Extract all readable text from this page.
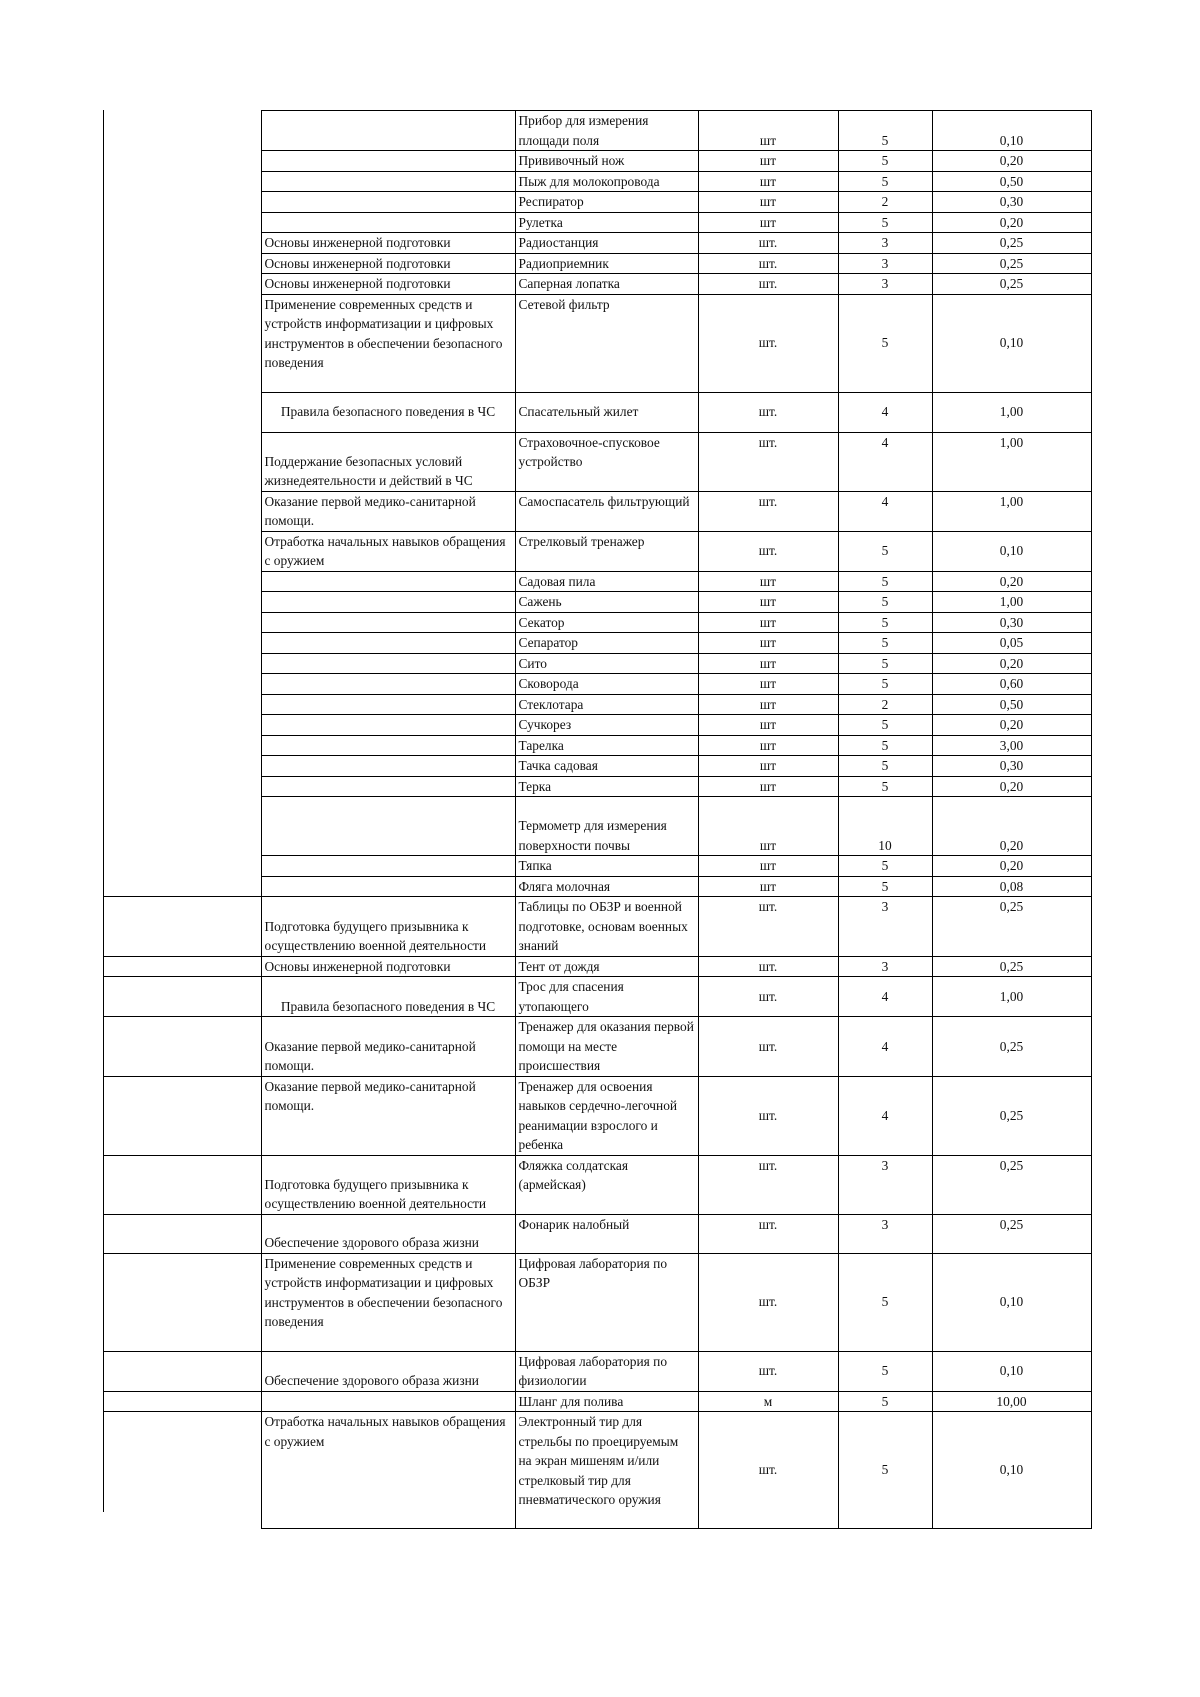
		Прибор для измерения площади поля	шт	5	0,10
		Прививочный нож	шт	5	0,20
		Пыж для молокопровода	шт	5	0,50
		Респиратор	шт	2	0,30
		Рулетка	шт	5	0,20
	Основы инженерной подготовки	Радиостанция	шт.	3	0,25
	Основы инженерной подготовки	Радиоприемник	шт.	3	0,25
	Основы инженерной подготовки	Саперная лопатка	шт.	3	0,25
	Применение современных средств и устройств информатизации и цифровых инструментов в обеспечении безопасного поведения	Сетевой фильтр	шт.	5	0,10
	Правила безопасного поведения в ЧС	Спасательный жилет	шт.	4	1,00
	Поддержание безопасных условий жизнедеятельности и действий в ЧС	Страховочное-спусковое устройство	шт.	4	1,00
	Оказание первой медико-санитарной помощи.	Самоспасатель фильтрующий	шт.	4	1,00
	Отработка начальных навыков обращения с оружием	Стрелковый тренажер	шт.	5	0,10
		Садовая пила	шт	5	0,20
		Сажень	шт	5	1,00
		Секатор	шт	5	0,30
		Сепаратор	шт	5	0,05
		Сито	шт	5	0,20
		Сковорода	шт	5	0,60
		Стеклотара	шт	2	0,50
		Сучкорез	шт	5	0,20
		Тарелка	шт	5	3,00
		Тачка садовая	шт	5	0,30
		Терка	шт	5	0,20
		Термометр для измерения поверхности почвы	шт	10	0,20
		Тяпка	шт	5	0,20
		Фляга молочная	шт	5	0,08
	Подготовка будущего призывника к осуществлению военной деятельности	Таблицы по ОБЗР и военной подготовке, основам военных знаний	шт.	3	0,25
	Основы инженерной подготовки	Тент от дождя	шт.	3	0,25
	Правила безопасного поведения в ЧС	Трос для спасения утопающего	шт.	4	1,00
	Оказание первой медико-санитарной помощи.	Тренажер для оказания первой помощи на месте происшествия	шт.	4	0,25
	Оказание первой медико-санитарной помощи.	Тренажер для освоения навыков сердечно-легочной реанимации взрослого и ребенка	шт.	4	0,25
	Подготовка будущего призывника к осуществлению военной деятельности	Фляжка солдатская (армейская)	шт.	3	0,25
	Обеспечение здорового образа жизни	Фонарик налобный	шт.	3	0,25
	Применение современных средств и устройств информатизации и цифровых инструментов в обеспечении безопасного поведения	Цифровая лаборатория по ОБЗР	шт.	5	0,10
	Обеспечение здорового образа жизни	Цифровая лаборатория по физиологии	шт.	5	0,10
		Шланг для полива	м	5	10,00
	Отработка начальных навыков обращения с оружием	Электронный тир для стрельбы по проецируемым на экран мишеням и/или стрелковый тир для пневматического оружия	шт.	5	0,10
